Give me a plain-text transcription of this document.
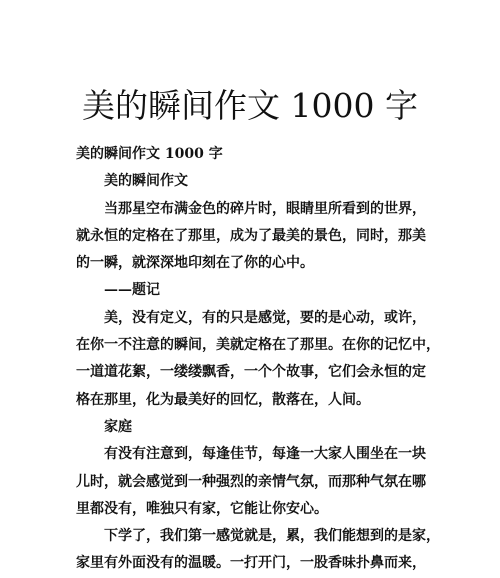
美的瞬间作文 1000 字

美的瞬间作文 1000 字

美的瞬间作文

当那星空布满金色的碎片时，眼睛里所看到的世界，

就永恒的定格在了那里，成为了最美的景色，同时，那美

的一瞬，就深深地印刻在了你的心中。

——题记

美，没有定义，有的只是感觉，要的是心动，或许，

在你一不注意的瞬间，美就定格在了那里。在你的记忆中，

一道道花絮，一缕缕飘香，一个个故事，它们会永恒的定

格在那里，化为最美好的回忆，散落在，人间。

家庭

有没有注意到，每逢佳节，每逢一大家人围坐在一块

儿时，就会感觉到一种强烈的亲情气氛，而那种气氛在哪

里都没有，唯独只有家，它能让你安心。

下学了，我们第一感觉就是，累，我们能想到的是家，

家里有外面没有的温暖。一打开门，一股香味扑鼻而来，
